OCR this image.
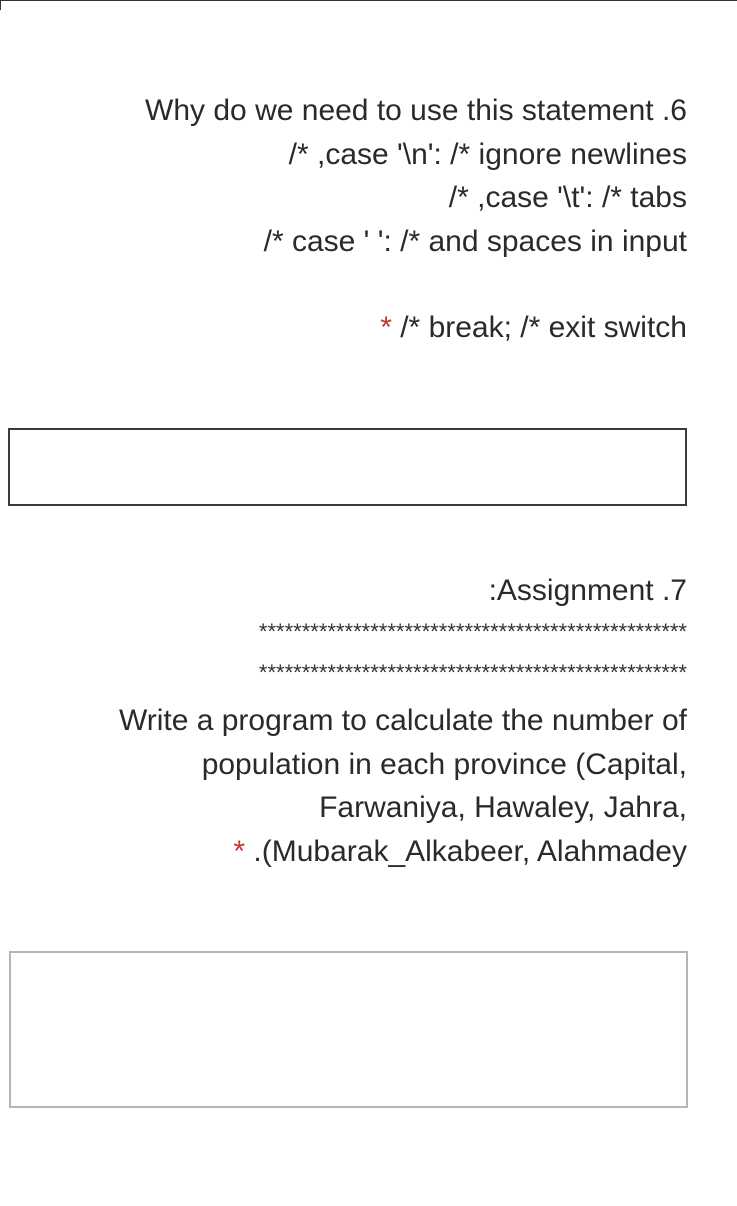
Why do we need to use this statement .6
/* ,case '\n': /* ignore newlines
/* ,case '\t': /* tabs
/* case ' ': /* and spaces in input
* /* break; /* exit switch
:Assignment .7
**************************************************
**************************************************
Write a program to calculate the number of
population in each province (Capital,
Farwaniya, Hawaley, Jahra,
* .(Mubarak_Alkabeer, Alahmadey
